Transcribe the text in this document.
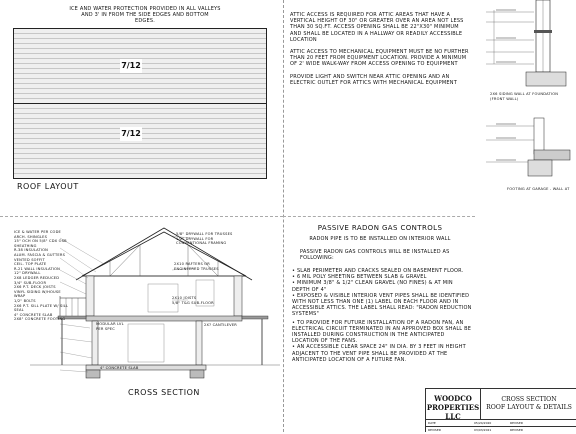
ICE AND WATER PROTECTION PROVIDED IN ALL VALLEYS
AND 3' IN FROM THE SIDE EDGES AND BOTTOM
EDGES.
7/12
7/12
ROOF LAYOUT
ATTIC ACCESS IS REQUIRED FOR ATTIC AREAS THAT HAVE A VERTICAL HEIGHT OF 30" OR GREATER OVER AN AREA NOT LESS THAN 30 SQ.FT. ACCESS OPENING SHALL BE 22"X30" MINIMUM AND SHALL BE LOCATED IN A HALLWAY OR READILY ACCESSIBLE LOCATION
ATTIC ACCESS TO MECHANICAL EQUIPMENT MUST BE NO FURTHER THAN 20 FEET FROM EQUIPMENT LOCATION. PROVIDE A MINIMUM OF 2' WIDE WALK-WAY FROM ACCESS OPENING TO EQUIPMENT
PROVIDE LIGHT AND SWITCH NEAR ATTIC OPENING AND AN ELECTRIC OUTLET FOR ATTICS WITH MECHANICAL EQUIPMENT
2X6 SIDING WALL AT FOUNDATION
(FRONT WALL)
FOOTING AT GARAGE - WALL AT
ICE & WATER PER CODE
ARCH. SHINGLES
15" OCH ON 5/8" CDX OSB SHEATHING
R-38 INSULATION
ALUM. FASCIA & GUTTERS
VENTED SOFFIT
CEIL. TOP PLATE
R-21 WALL INSULATION
12" DRYWALL
2X8 LEDGER REDUCED
3/4" SUB-FLOOR
2X6 P.T. DECK JOISTS
VINYL SIDING W/HOUSE WRAP
1/2" BOLTS
2X6 P.T. SILL PLATE W/ SILL SEAL
4" CONCRETE SLAB
2X8" CONCRETE FOOTING
5/8" DRYWALL FOR TRUSSES
1/2" DRYWALL FOR CONVENTIONAL FRAMING
2X10 RAFTERS OR ENGINEERED TRUSSES
2X10 JOISTS
5/8" T&G SUB-FLOOR
2X? CANTILEVER
MODULAR LVL PER SPEC
4" CONCRETE SLAB
CROSS SECTION
PASSIVE RADON GAS CONTROLS
RADON PIPE IS TO BE INSTALLED ON INTERIOR WALL
PASSIVE RADON GAS CONTROLS WILL BE INSTALLED AS FOLLOWING:
• SLAB PERIMETER AND CRACKS SEALED ON BASEMENT FLOOR.
• 6 MIL POLY SHEETING BETWEEN SLAB & GRAVEL
• MINIMUM 3/8" & 1/2" CLEAN GRAVEL (NO FINES) & AT MIN DEPTH OF 4"
• EXPOSED & VISIBLE INTERIOR VENT PIPES SHALL BE IDENTIFIED WITH NOT LESS THAN ONE (1) LABEL ON EACH FLOOR AND IN ACCESSIBLE ATTICS. THE LABEL SHALL READ: "RADON REDUCTION SYSTEMS"
• TO PROVIDE FOR FUTURE INSTALLATION OF A RADON FAN, AN ELECTRICAL CIRCUIT TERMINATED IN AN APPROVED BOX SHALL BE INSTALLED DURING CONSTRUCTION IN THE ANTICIPATED LOCATION OF THE FANS.
• AN ACCESSIBLE CLEAR SPACE 24" IN DIA. BY 3 FEET IN HEIGHT ADJACENT TO THE VENT PIPE SHALL BE PROVIDED AT THE ANTICIPATED LOCATION OF A FUTURE FAN.
WOODCO PROPERTIES LLC
CROSS SECTION
ROOF LAYOUT & DETAILS
DATE	05/24/2020	REVISED
REVISED	03/03/2021	REVISED
